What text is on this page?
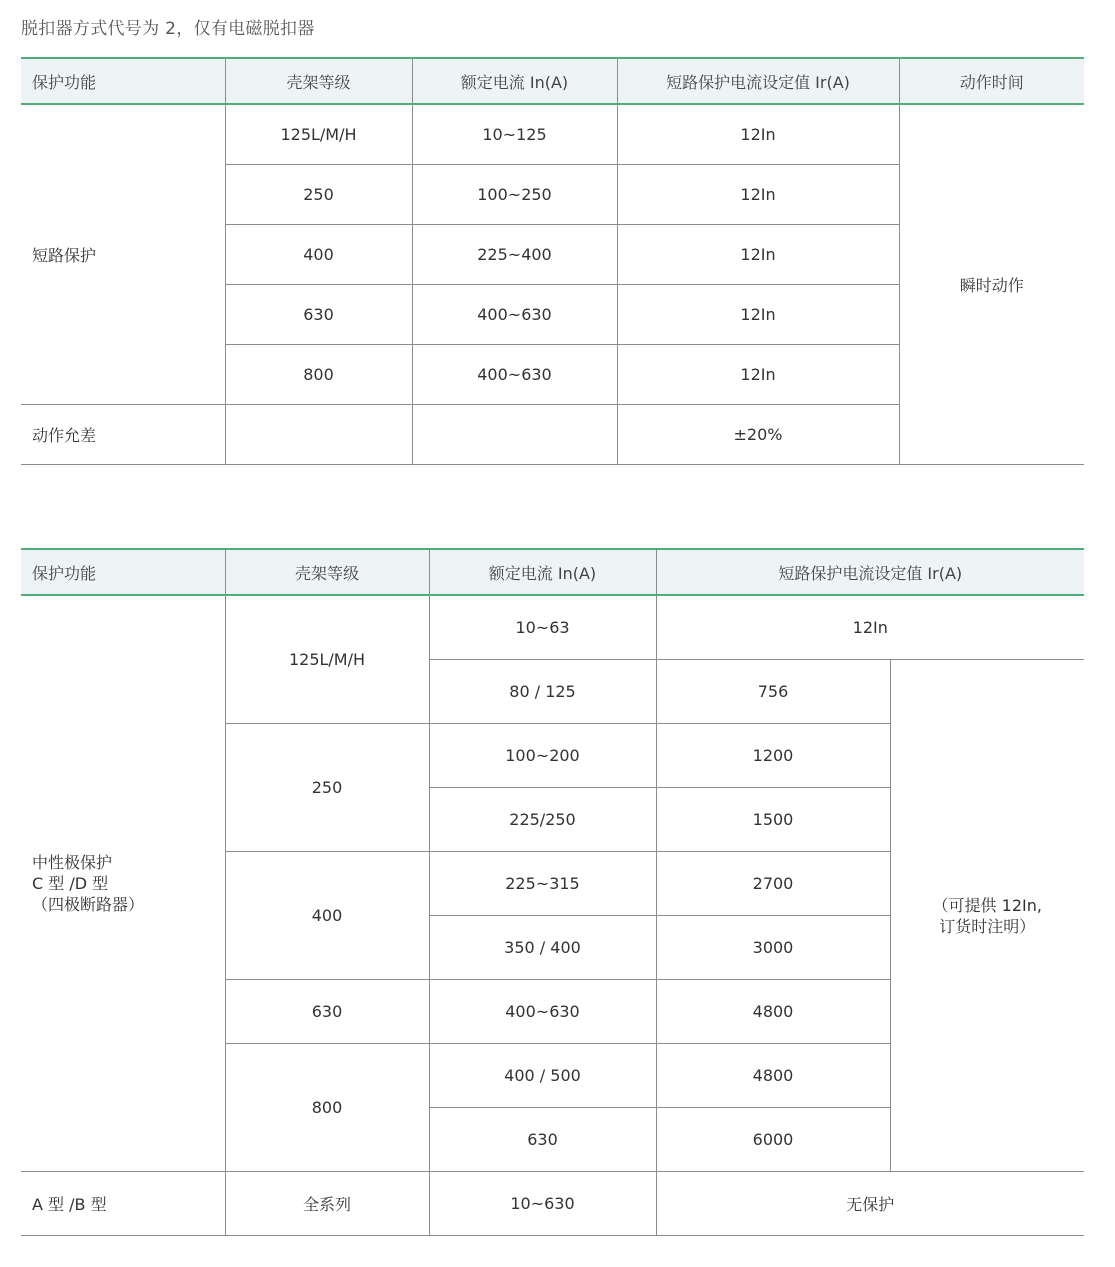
脱扣器方式代号为 2，仅有电磁脱扣器
保护功能	壳架等级	额定电流 In(A)	短路保护电流设定值 Ir(A)	动作时间
短路保护	125L/M/H	10~125	12In	瞬时动作
	250	100~250	12In	
	400	225~400	12In	
	630	400~630	12In	
	800	400~630	12In	
动作允差			±20%	
保护功能	壳架等级	额定电流 In(A)	短路保护电流设定值 Ir(A)	
中性极保护
C 型 /D 型
（四极断路器）	125L/M/H	10~63	12In	
		80 / 125	756	（可提供 12In,
订货时注明）
	250	100~200	1200	
		225/250	1500	
	400	225~315	2700	
		350 / 400	3000	
	630	400~630	4800	
	800	400 / 500	4800	
		630	6000	
A 型 /B 型	全系列	10~630	无保护	
